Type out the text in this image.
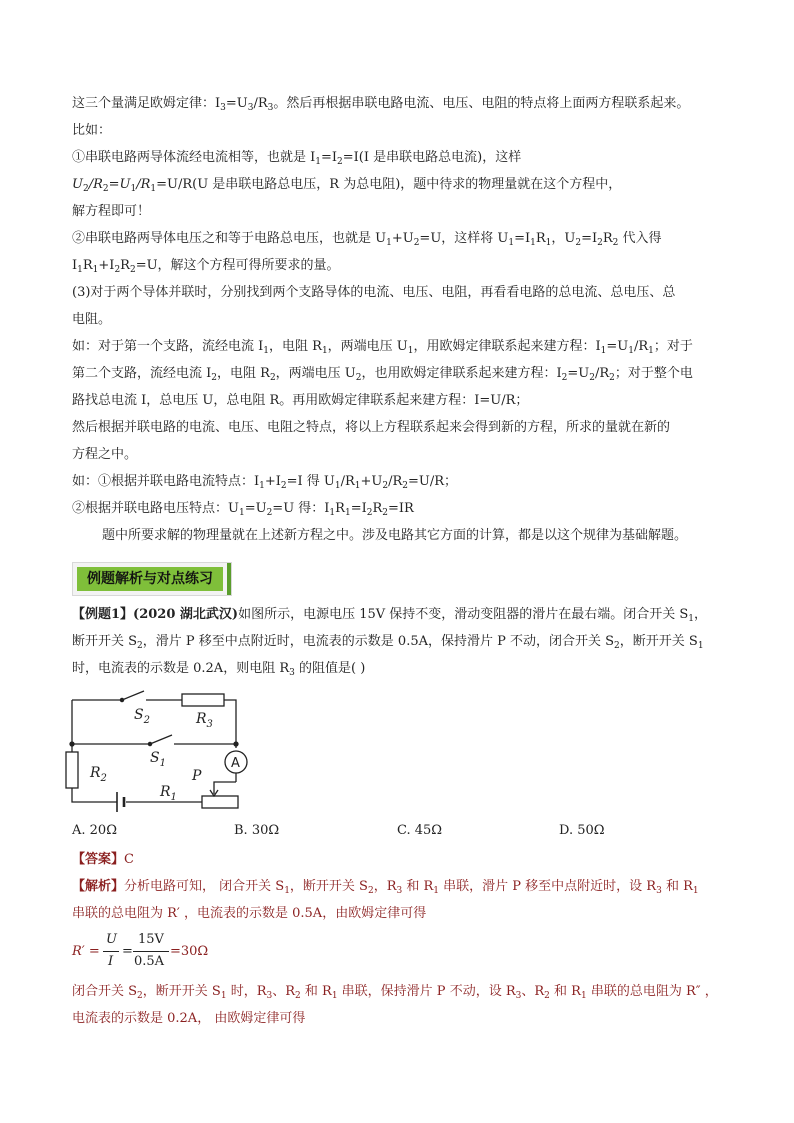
这三个量满足欧姆定律：$I_3=U_3/R_3$。然后再根据串联电路电流、电压、电阻的特点将上面两方程联系起来。
比如：
①串联电路两导体流经电流相等，也就是 $I_1=I_2=I(I$ 是串联电路总电流)，这样
$U_2/R_2=U_1/R_1=U/R(U$ 是串联电路总电压，R 为总电阻)，题中待求的物理量就在这个方程中，
解方程即可！
②串联电路两导体电压之和等于电路总电压，也就是 $U_1+U_2=U$，这样将 $U_1=I_1R_1$，$U_2=I_2R_2$ 代入得
$I_1R_1+I_2R_2=U$，解这个方程可得所要求的量。
(3)对于两个导体并联时，分别找到两个支路导体的电流、电压、电阻，再看看电路的总电流、总电压、总
电阻。
如：对于第一个支路，流经电流 $I_1$，电阻 $R_1$，两端电压 $U_1$，用欧姆定律联系起来建方程：$I_1=U_1/R_1$；对于
第二个支路，流经电流 $I_2$，电阻 $R_2$，两端电压 $U_2$，也用欧姆定律联系起来建方程：$I_2=U_2/R_2$；对于整个电
路找总电流 I，总电压 U，总电阻 R。再用欧姆定律联系起来建方程：I=U/R；
然后根据并联电路的电流、电压、电阻之特点，将以上方程联系起来会得到新的方程，所求的量就在新的
方程之中。
如：①根据并联电路电流特点：$I_1+I_2=I$ 得 $U_1/R_1+U_2/R_2=U/R$；
②根据并联电路电压特点：$U_1=U_2=U$ 得：$I_1R_1=I_2R_2=IR$
题中所要求解的物理量就在上述新方程之中。涉及电路其它方面的计算，都是以这个规律为基础解题。
例题解析与对点练习
【例题1】(2020 湖北武汉)如图所示，电源电压 15V 保持不变，滑动变阻器的滑片在最右端。闭合开关 $S_1$，
断开开关 $S_2$，滑片 P 移至中点附近时，电流表的示数是 0.5A，保持滑片 P 不动，闭合开关 $S_2$，断开开关 $S_1$
时，电流表的示数是 0.2A，则电阻 $R_3$ 的阻值是( )
$S_2$	$R_3$
$S_1$
$R_2$	P
$R_1$
A
A. 20Ω	B. 30Ω	C. 45Ω	D. 50Ω
【答案】C
【解析】分析电路可知， 闭合开关 $S_1$，断开开关 $S_2$，$R_3$ 和 $R_1$ 串联，滑片 P 移至中点附近时，设 $R_3$ 和 $R_1$
串联的总电阻为 R′ ，电流表的示数是 0.5A，由欧姆定律可得
R′ =
U
I
=
15V
0.5A
=30Ω
闭合开关 $S_2$，断开开关 $S_1$ 时，$R_3$、$R_2$ 和 $R_1$ 串联，保持滑片 P 不动，设 $R_3$、$R_2$ 和 $R_1$ 串联的总电阻为 R″ ，
电流表的示数是 0.2A， 由欧姆定律可得
